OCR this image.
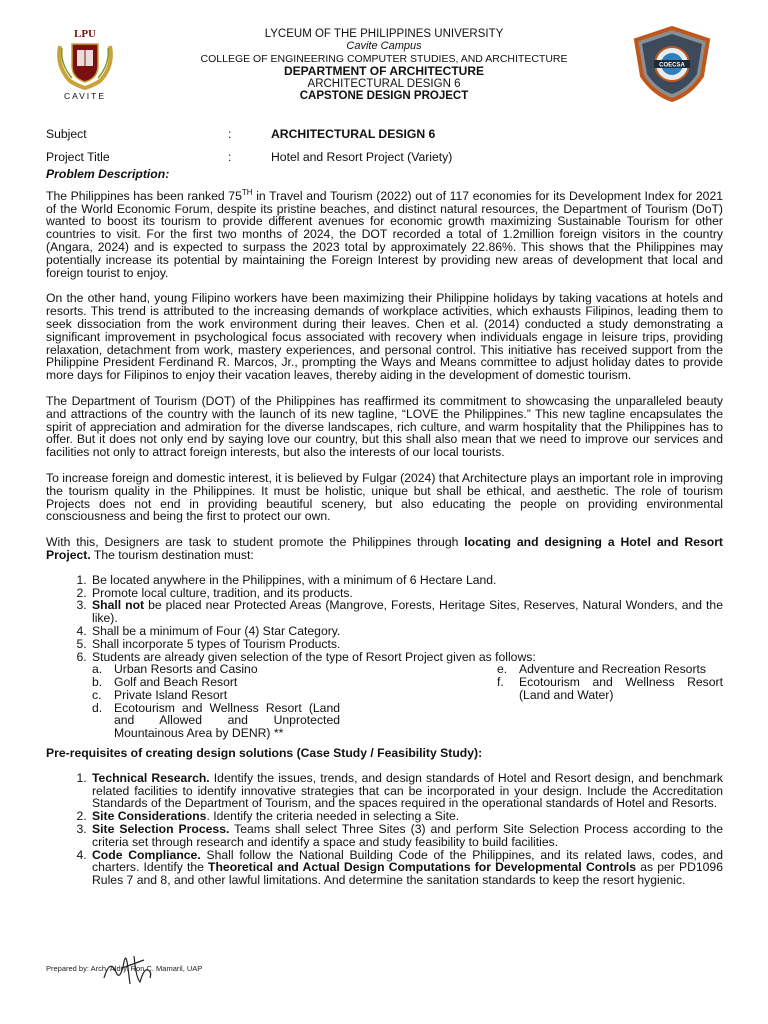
LPU
CAVITE
LYCEUM OF THE PHILIPPINES UNIVERSITY
Cavite Campus
COLLEGE OF ENGINEERING COMPUTER STUDIES, AND ARCHITECTURE
DEPARTMENT OF ARCHITECTURE
ARCHITECTURAL DESIGN 6
CAPSTONE DESIGN PROJECT
COECSA
Subject	:	ARCHITECTURAL DESIGN 6
Project Title	:	Hotel and Resort Project (Variety)
Problem Description:

The Philippines has been ranked 75TH in Travel and Tourism (2022) out of 117 economies for its Development Index for 2021 of the World Economic Forum, despite its pristine beaches, and distinct natural resources, the Department of Tourism (DoT) wanted to boost its tourism to provide different avenues for economic growth maximizing Sustainable Tourism for other countries to visit. For the first two months of 2024, the DOT recorded a total of 1.2million foreign visitors in the country (Angara, 2024) and is expected to surpass the 2023 total by approximately 22.86%. This shows that the Philippines may potentially increase its potential by maintaining the Foreign Interest by providing new areas of development that local and foreign tourist to enjoy.

On the other hand, young Filipino workers have been maximizing their Philippine holidays by taking vacations at hotels and resorts. This trend is attributed to the increasing demands of workplace activities, which exhausts Filipinos, leading them to seek dissociation from the work environment during their leaves. Chen et al. (2014) conducted a study demonstrating a significant improvement in psychological focus associated with recovery when individuals engage in leisure trips, providing relaxation, detachment from work, mastery experiences, and personal control. This initiative has received support from the Philippine President Ferdinand R. Marcos, Jr., prompting the Ways and Means committee to adjust holiday dates to provide more days for Filipinos to enjoy their vacation leaves, thereby aiding in the development of domestic tourism.

The Department of Tourism (DOT) of the Philippines has reaffirmed its commitment to showcasing the unparalleled beauty and attractions of the country with the launch of its new tagline, “LOVE the Philippines.” This new tagline encapsulates the spirit of appreciation and admiration for the diverse landscapes, rich culture, and warm hospitality that the Philippines has to offer. But it does not only end by saying love our country, but this shall also mean that we need to improve our services and facilities not only to attract foreign interests, but also the interests of our local tourists.

To increase foreign and domestic interest, it is believed by Fulgar (2024) that Architecture plays an important role in improving the tourism quality in the Philippines. It must be holistic, unique but shall be ethical, and aesthetic. The role of tourism Projects does not end in providing beautiful scenery, but also educating the people on providing environmental consciousness and being the first to protect our own.

With this, Designers are task to student promote the Philippines through locating and designing a Hotel and Resort Project. The tourism destination must:

1. Be located anywhere in the Philippines, with a minimum of 6 Hectare Land.
2. Promote local culture, tradition, and its products.
3. Shall not be placed near Protected Areas (Mangrove, Forests, Heritage Sites, Reserves, Natural Wonders, and the like).
4. Shall be a minimum of Four (4) Star Category.
5. Shall incorporate 5 types of Tourism Products.
6. Students are already given selection of the type of Resort Project given as follows:
a. Urban Resorts and Casino
b. Golf and Beach Resort
c.	Private Island Resort
d. Ecotourism and Wellness Resort (Land and Allowed and Unprotected Mountainous Area by DENR) **
e. Adventure and Recreation Resorts
f.	Ecotourism and Wellness Resort (Land and Water)
Pre-requisites of creating design solutions (Case Study / Feasibility Study):
1. Technical Research. Identify the issues, trends, and design standards of Hotel and Resort design, and benchmark related facilities to identify innovative strategies that can be incorporated in your design. Include the Accreditation Standards of the Department of Tourism, and the spaces required in the operational standards of Hotel and Resorts.
2. Site Considerations. Identify the criteria needed in selecting a Site.
3. Site Selection Process. Teams shall select Three Sites (3) and perform Site Selection Process according to the criteria set through research and identify a space and study feasibility to build facilities.
4. Code Compliance. Shall follow the National Building Code of the Philippines, and its related laws, codes, and charters. Identify the Theoretical and Actual Design Computations for Developmental Controls as per PD1096 Rules 7 and 8, and other lawful limitations. And determine the sanitation standards to keep the resort hygienic.
Prepared by: Arch. Aldryl Ron C. Mamaril, UAP
